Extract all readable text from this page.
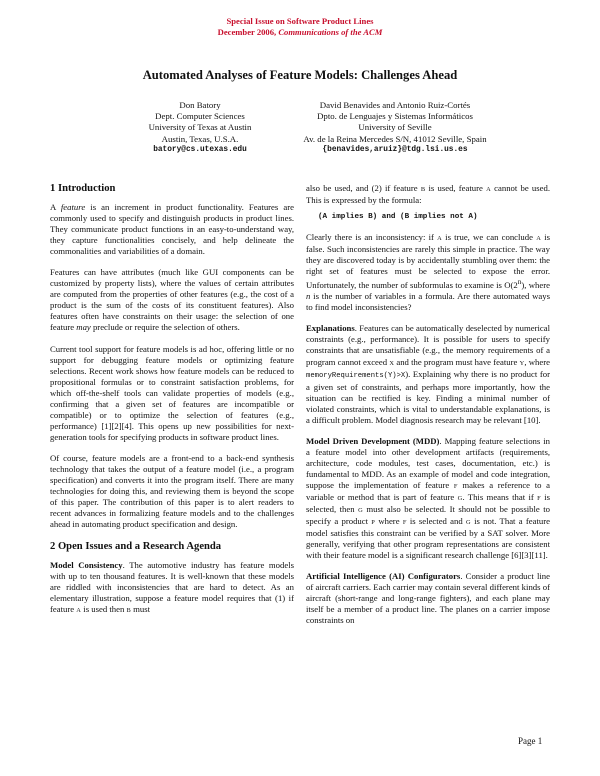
Special Issue on Software Product Lines
December 2006, Communications of the ACM
Automated Analyses of Feature Models: Challenges Ahead
Don Batory
Dept. Computer Sciences
University of Texas at Austin
Austin, Texas, U.S.A.
batory@cs.utexas.edu
David Benavides and Antonio Ruiz-Cortés
Dpto. de Lenguajes y Sistemas Informáticos
University of Seville
Av. de la Reina Mercedes S/N, 41012 Seville, Spain
{benavides,aruiz}@tdg.lsi.us.es
1 Introduction

A feature is an increment in product functionality. Features are commonly used to specify and distinguish products in product lines. They communicate product functions in an easy-to-understand way, they capture functionalities concisely, and help delineate the commonalities and variabilities of a domain.

Features can have attributes (much like GUI components can be customized by property lists), where the values of certain attributes are computed from the properties of other features (e.g., the cost of a product is the sum of the costs of its constituent features). Also features often have constraints on their usage: the selection of one feature may preclude or require the selection of others.

Current tool support for feature models is ad hoc, offering little or no support for debugging feature models or optimizing feature selections. Recent work shows how feature models can be reduced to propositional formulas or to constraint satisfaction problems, for which off-the-shelf tools can validate properties of models (e.g., confirming that a given set of features are incompatible or compatible) or to optimize the selection of features (e.g., performance) [1][2][4]. This opens up new possibilities for next-generation tools for specifying products in software product lines.

Of course, feature models are a front-end to a back-end synthesis technology that takes the output of a feature model (i.e., a program specification) and converts it into the program itself. There are many technologies for doing this, and reviewing them is beyond the scope of this paper. The contribution of this paper is to alert readers to recent advances in formalizing feature models and to the challenges ahead in automating product specification and design.

2 Open Issues and a Research Agenda

Model Consistency. The automotive industry has feature models with up to ten thousand features. It is well-known that these models are riddled with inconsistencies that are hard to detect. As an elementary illustration, suppose a feature model requires that (1) if feature A is used then B must

also be used, and (2) if feature B is used, feature A cannot be used. This is expressed by the formula:

(A implies B) and (B implies not A)

Clearly there is an inconsistency: if A is true, we can conclude A is false. Such inconsistencies are rarely this simple in practice. The way they are discovered today is by accidentally stumbling over them: the right set of features must be selected to expose the error. Unfortunately, the number of subformulas to examine is O(2$^n$), where n is the number of variables in a formula. Are there automated ways to find model inconsistencies?

Explanations. Features can be automatically deselected by numerical constraints (e.g., performance). It is possible for users to specify constraints that are unsatisfiable (e.g., the memory requirements of a program cannot exceed X and the program must have feature Y, where memoryRequirements(Y)>X). Explaining why there is no product for a given set of constraints, and perhaps more importantly, how the situation can be rectified is key. Finding a minimal number of violated constraints, which is vital to understandable explanations, is a difficult problem. Model diagnosis research may be relevant [10].

Model Driven Development (MDD). Mapping feature selections in a feature model into other development artifacts (requirements, architecture, code modules, test cases, documentation, etc.) is fundamental to MDD. As an example of model and code integration, suppose the implementation of feature F makes a reference to a variable or method that is part of feature G. This means that if F is selected, then G must also be selected. It should not be possible to specify a product P where F is selected and G is not. That a feature model satisfies this constraint can be verified by a SAT solver. More generally, verifying that other program representations are consistent with their feature model is a significant research challenge [6][3][11].

Artificial Intelligence (AI) Configurators. Consider a product line of aircraft carriers. Each carrier may contain several different kinds of aircraft (short-range and long-range fighters), and each plane may itself be a member of a product line. The planes on a carrier impose constraints on

Page 1
